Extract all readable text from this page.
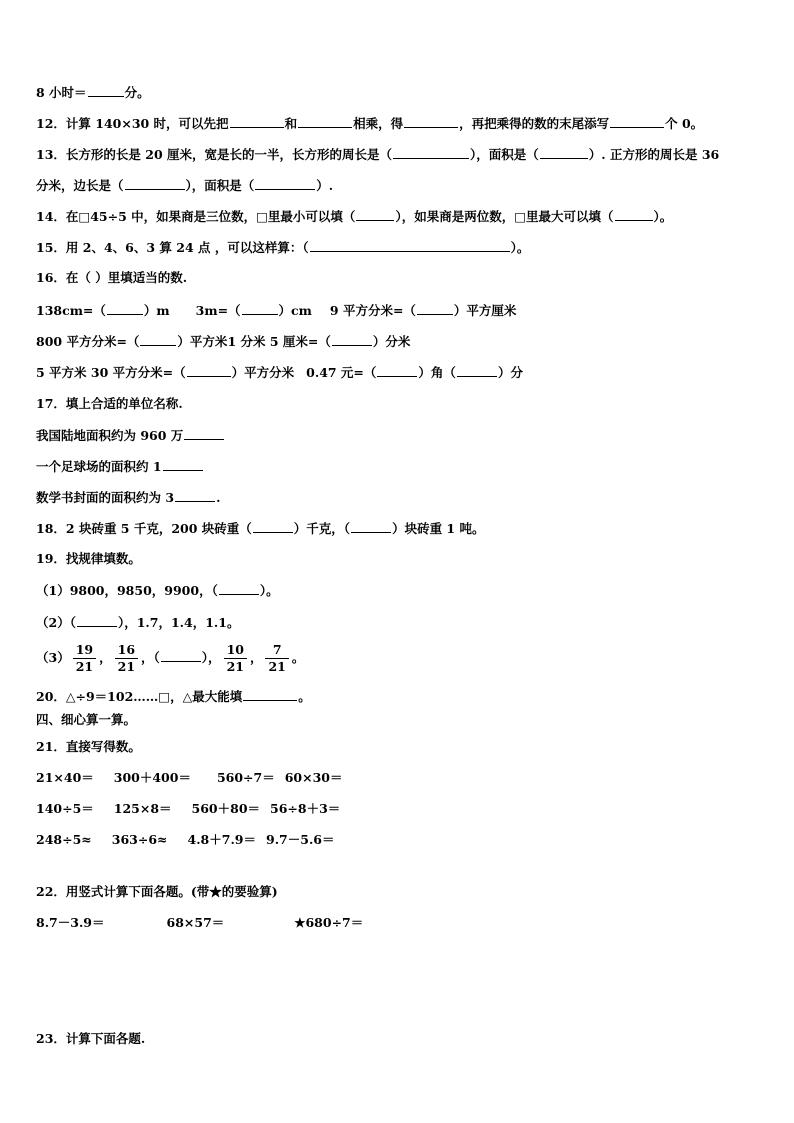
8 小时＝	分。
12．计算 140×30 时，可以先把	和	相乘，得	，再把乘得的数的末尾添写	个 0。
13．长方形的长是 20 厘米，宽是长的一半，长方形的周长是（	），面积是（	）. 正方形的周长是 36
分米，边长是（	），面积是（	）.
14．在□45÷5 中，如果商是三位数，□里最小可以填（	），如果商是两位数，□里最大可以填（	）。
15．用 2、4、6、3 算 24 点 ，可以这样算：（	）。
16．在（ ）里填适当的数.
138cm=（	）m 3m=（	）cm 9 平方分米=（	）平方厘米
800 平方分米=（	）平方米1 分米 5 厘米=（	）分米
5 平方米 30 平方分米=（	）平方分米 0.47 元=（	）角（	）分
17．填上合适的单位名称.
我国陆地面积约为 960 万
一个足球场的面积约 1
数学书封面的面积约为 3	.
18．2 块砖重 5 千克，200 块砖重（	）千克，（	）块砖重 1 吨。
19．找规律填数。
（1）9800，9850，9900，（	）。
（2）（	），1.7，1.4，1.1。
$(3) \frac{19}{21}$ ， $\frac{16}{21}$ ，（	）， $\frac{10}{21}$ ， $\frac{7}{21}$ 。
20．△÷9＝102……□，△最大能填	。
四、细心算一算。
21．直接写得数。
21×40＝ 300＋400＝ 560÷7＝ 60×30＝
140÷5＝ 125×8＝ 560＋80＝ 56÷8＋3＝
248÷5≈ 363÷6≈ 4.8＋7.9＝ 9.7－5.6＝
22．用竖式计算下面各题。(带★的要验算)
8.7－3.9＝	68×57＝	★680÷7＝
23．计算下面各题.
